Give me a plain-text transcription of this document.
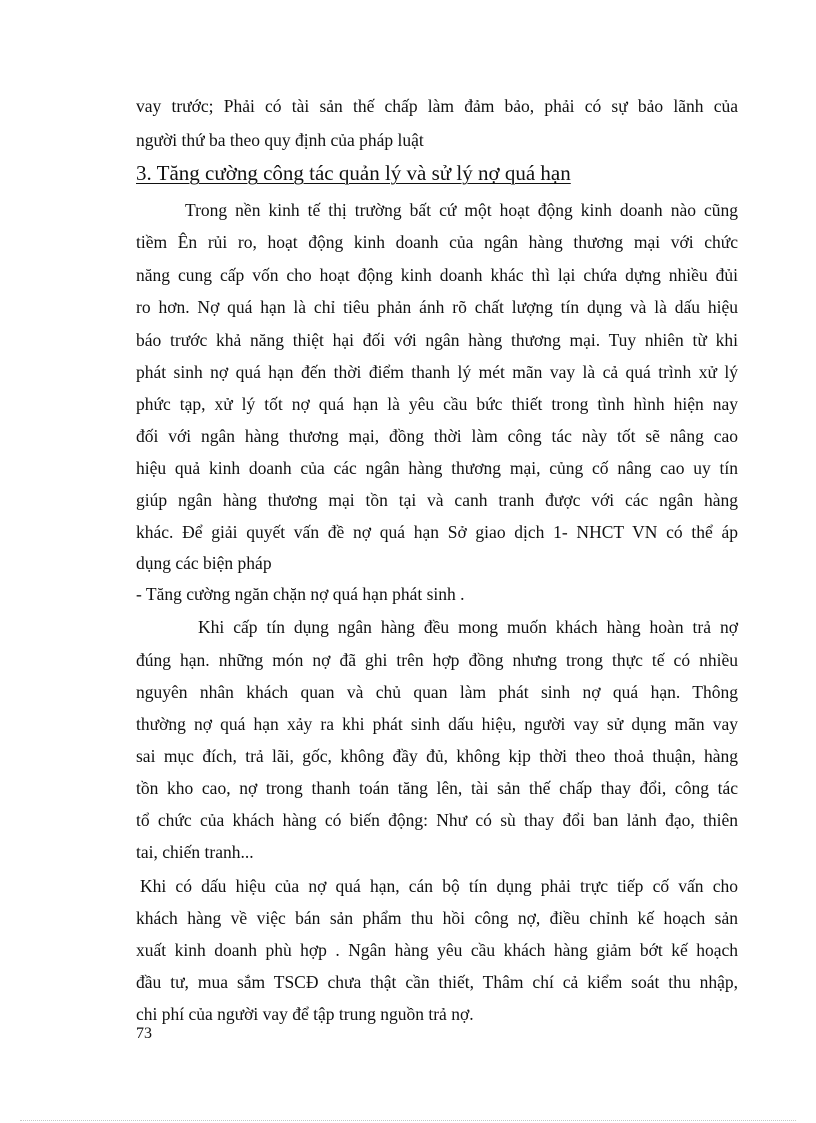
vay trước; Phải có tài sản thế chấp làm đảm bảo, phải có sự bảo lãnh của
người thứ ba theo quy định của pháp luật
3. Tăng cường công tác quản lý và sử lý nợ quá hạn
Trong nền kinh tế thị trường bất cứ một hoạt động kinh doanh nào cũng
tiềm Ên rủi ro, hoạt động kinh doanh của ngân hàng thương mại với chức
năng cung cấp vốn cho hoạt động kinh doanh khác thì lại chứa dựng nhiều đủi
ro hơn. Nợ quá hạn là chỉ tiêu phản ánh rõ chất lượng tín dụng và là dấu hiệu
báo trước khả năng thiệt hại đối với ngân hàng thương mại. Tuy nhiên từ khi
phát sinh nợ quá hạn đến thời điểm thanh lý mét mãn vay là cả quá trình xử lý
phức tạp, xử lý tốt nợ quá hạn là yêu cầu bức thiết trong tình hình hiện nay
đối với ngân hàng thương mại, đồng thời làm công tác này tốt sẽ nâng cao
hiệu quả kinh doanh của các ngân hàng thương mại, củng cố nâng cao uy tín
giúp ngân hàng thương mại tồn tại và canh tranh được với các ngân hàng
khác. Để giải quyết vấn đề nợ quá hạn Sở giao dịch 1- NHCT VN có thể áp
dụng các biện pháp
- Tăng cường ngăn chặn nợ quá hạn phát sinh .
Khi cấp tín dụng ngân hàng đều mong muốn khách hàng hoàn trả nợ
đúng hạn. những món nợ đã ghi trên hợp đồng nhưng trong thực tế có nhiều
nguyên nhân khách quan và chủ quan làm phát sinh nợ quá hạn. Thông
thường nợ quá hạn xảy ra khi phát sinh dấu hiệu, người vay sử dụng mãn vay
sai mục đích, trả lãi, gốc, không đầy đủ, không kịp thời theo thoả thuận, hàng
tồn kho cao, nợ trong thanh toán tăng lên, tài sản thế chấp thay đổi, công tác
tổ chức của khách hàng có biến động: Như có sù thay đổi ban lảnh đạo, thiên
tai, chiến tranh...
Khi có dấu hiệu của nợ quá hạn, cán bộ tín dụng phải trực tiếp cố vấn cho
khách hàng về việc bán sản phẩm thu hồi công nợ, điều chỉnh kế hoạch sản
xuất kinh doanh phù hợp . Ngân hàng yêu cầu khách hàng giảm bớt kế hoạch
đầu tư, mua sắm TSCĐ chưa thật cần thiết, Thâm chí cả kiểm soát thu nhập,
chi phí của người vay để tập trung nguồn trả nợ.
73
